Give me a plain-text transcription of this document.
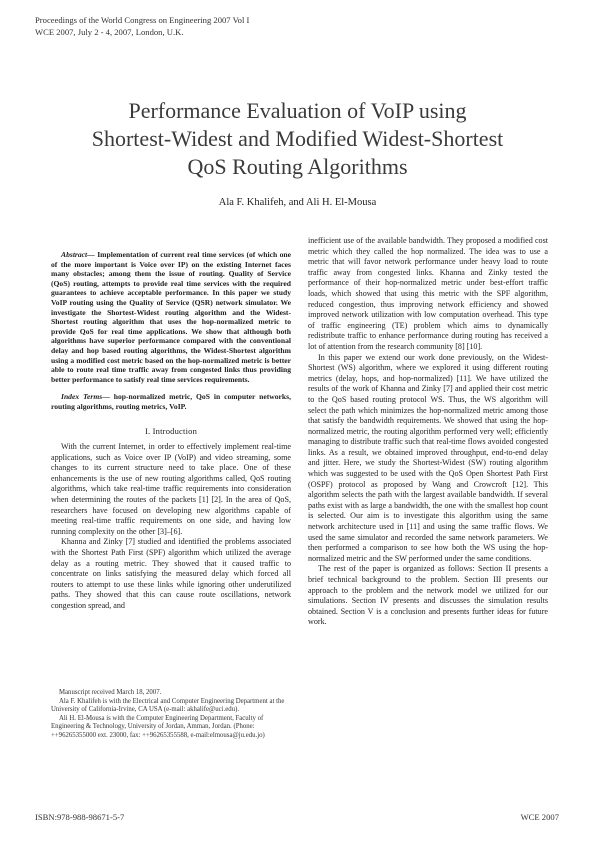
Proceedings of the World Congress on Engineering 2007 Vol I
WCE 2007, July 2 - 4, 2007, London, U.K.
Performance Evaluation of VoIP using
Shortest-Widest and Modified Widest-Shortest
QoS Routing Algorithms
Ala F. Khalifeh, and Ali H. El-Mousa
Abstract— Implementation of current real time services (of which one of the more important is Voice over IP) on the existing Internet faces many obstacles; among them the issue of routing. Quality of Service (QoS) routing, attempts to provide real time services with the required guarantees to achieve acceptable performance. In this paper we study VoIP routing using the Quality of Service (QSR) network simulator. We investigate the Shortest-Widest routing algorithm and the Widest-Shortest routing algorithm that uses the hop-normalized metric to provide QoS for real time applications. We show that although both algorithms have superior performance compared with the conventional delay and hop based routing algorithms, the Widest-Shortest algorithm using a modified cost metric based on the hop-normalized metric is better able to route real time traffic away from congested links thus providing better performance to satisfy real time services requirements.
Index Terms— hop-normalized metric, QoS in computer networks, routing algorithms, routing metrics, VoIP.
I. Introduction

With the current Internet, in order to effectively implement real-time applications, such as Voice over IP (VoIP) and video streaming, some changes to its current structure need to take place. One of these enhancements is the use of new routing algorithms called, QoS routing algorithms, which take real-time traffic requirements into consideration when determining the routes of the packets [1] [2]. In the area of QoS, researchers have focused on developing new algorithms capable of meeting real-time traffic requirements on one side, and having low running complexity on the other [3]–[6].

Khanna and Zinky [7] studied and identified the problems associated with the Shortest Path First (SPF) algorithm which utilized the average delay as a routing metric. They showed that it caused traffic to concentrate on links satisfying the measured delay which forced all routers to attempt to use these links while ignoring other underutilized paths. They showed that this can cause route oscillations, network congestion spread, and

Manuscript received March 18, 2007.

Ala F. Khalifeh is with the Electrical and Computer Engineering Department at the University of California-Irvine, CA USA (e-mail: akhalife@uci.edu).

Ali H. El-Mousa is with the Computer Engineering Department, Faculty of Engineering & Technology, University of Jordan, Amman, Jordan. (Phone: ++96265355000 ext. 23000, fax: ++96265355588, e-mail:elmousa@ju.edu.jo)

inefficient use of the available bandwidth. They proposed a modified cost metric which they called the hop normalized. The idea was to use a metric that will favor network performance under heavy load to route traffic away from congested links. Khanna and Zinky tested the performance of their hop-normalized metric under best-effort traffic loads, which showed that using this metric with the SPF algorithm, reduced congestion, thus improving network efficiency and showed improved network utilization with low computation overhead. This type of traffic engineering (TE) problem which aims to dynamically redistribute traffic to enhance performance during routing has received a lot of attention from the research community [8] [10].

In this paper we extend our work done previously, on the Widest-Shortest (WS) algorithm, where we explored it using different routing metrics (delay, hops, and hop-normalized) [11]. We have utilized the results of the work of Khanna and Zinky [7] and applied their cost metric to the QoS based routing protocol WS. Thus, the WS algorithm will select the path which minimizes the hop-normalized metric among those that satisfy the bandwidth requirements. We showed that using the hop-normalized metric, the routing algorithm performed very well; efficiently managing to distribute traffic such that real-time flows avoided congested links. As a result, we obtained improved throughput, end-to-end delay and jitter. Here, we study the Shortest-Widest (SW) routing algorithm which was suggested to be used with the QoS Open Shortest Path First (OSPF) protocol as proposed by Wang and Crowcroft [12]. This algorithm selects the path with the largest available bandwidth. If several paths exist with as large a bandwidth, the one with the smallest hop count is selected. Our aim is to investigate this algorithm using the same network architecture used in [11] and using the same traffic flows. We used the same simulator and recorded the same network parameters. We then performed a comparison to see how both the WS using the hop-normalized metric and the SW performed under the same conditions.

The rest of the paper is organized as follows: Section II presents a brief technical background to the problem. Section III presents our approach to the problem and the network model we utilized for our simulations. Section IV presents and discusses the simulation results obtained. Section V is a conclusion and presents further ideas for future work.

ISBN:978-988-98671-5-7	WCE 2007
